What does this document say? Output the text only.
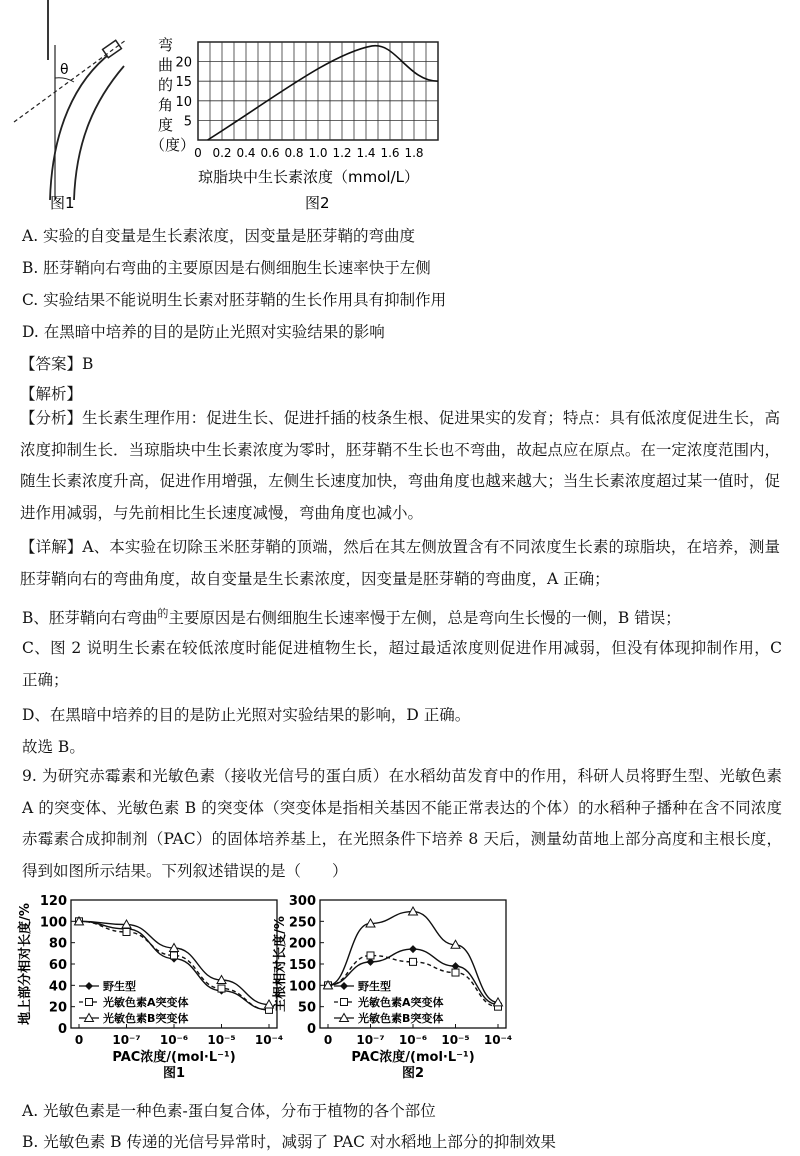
θ
图1
弯
曲
的
角
度
（度）
5
10
15
20
0 0.2 0.4 0.6 0.8 1.0 1.2 1.4 1.6 1.8
琼脂块中生长素浓度（mmol/L）
图2
A. 实验的自变量是生长素浓度，因变量是胚芽鞘的弯曲度
B. 胚芽鞘向右弯曲的主要原因是右侧细胞生长速率快于左侧
C. 实验结果不能说明生长素对胚芽鞘的生长作用具有抑制作用
D. 在黑暗中培养的目的是防止光照对实验结果的影响
【答案】B
【解析】
【分析】生长素生理作用：促进生长、促进扦插的枝条生根、促进果实的发育；特点：具有低浓度促进生长，高浓度抑制生长．当琼脂块中生长素浓度为零时，胚芽鞘不生长也不弯曲，故起点应在原点。在一定浓度范围内，随生长素浓度升高，促进作用增强，左侧生长速度加快，弯曲角度也越来越大；当生长素浓度超过某一值时，促进作用减弱，与先前相比生长速度减慢，弯曲角度也减小。
【详解】A、本实验在切除玉米胚芽鞘的顶端，然后在其左侧放置含有不同浓度生长素的琼脂块，在培养，测量胚芽鞘向右的弯曲角度，故自变量是生长素浓度，因变量是胚芽鞘的弯曲度，A 正确；
B、胚芽鞘向右弯曲$^的$主要原因是右侧细胞生长速率慢于左侧，总是弯向生长慢的一侧，B 错误；
C、图 2 说明生长素在较低浓度时能促进植物生长，超过最适浓度则促进作用减弱，但没有体现抑制作用，C 正确；
D、在黑暗中培养的目的是防止光照对实验结果的影响，D 正确。
故选 B。
9. 为研究赤霉素和光敏色素（接收光信号的蛋白质）在水稻幼苗发育中的作用，科研人员将野生型、光敏色素 A 的突变体、光敏色素 B 的突变体（突变体是指相关基因不能正常表达的个体）的水稻种子播种在含不同浓度赤霉素合成抑制剂（PAC）的固体培养基上，在光照条件下培养 8 天后，测量幼苗地上部分高度和主根长度，得到如图所示结果。下列叙述错误的是（　　）
地上部分相对长度/%
0
20
40
60
80
100
120
0 10⁻⁷ 10⁻⁶ 10⁻⁵ 10⁻⁴
PAC浓度/(mol·L⁻¹)
图1
野生型
光敏色素A突变体
光敏色素B突变体
主根相对长度/%
0
50
100
150
200
250
300
0 10⁻⁷ 10⁻⁶ 10⁻⁵ 10⁻⁴
PAC浓度/(mol·L⁻¹)
图2
野生型
光敏色素A突变体
光敏色素B突变体
A. 光敏色素是一种色素-蛋白复合体，分布于植物的各个部位
B. 光敏色素 B 传递的光信号异常时，减弱了 PAC 对水稻地上部分的抑制效果
